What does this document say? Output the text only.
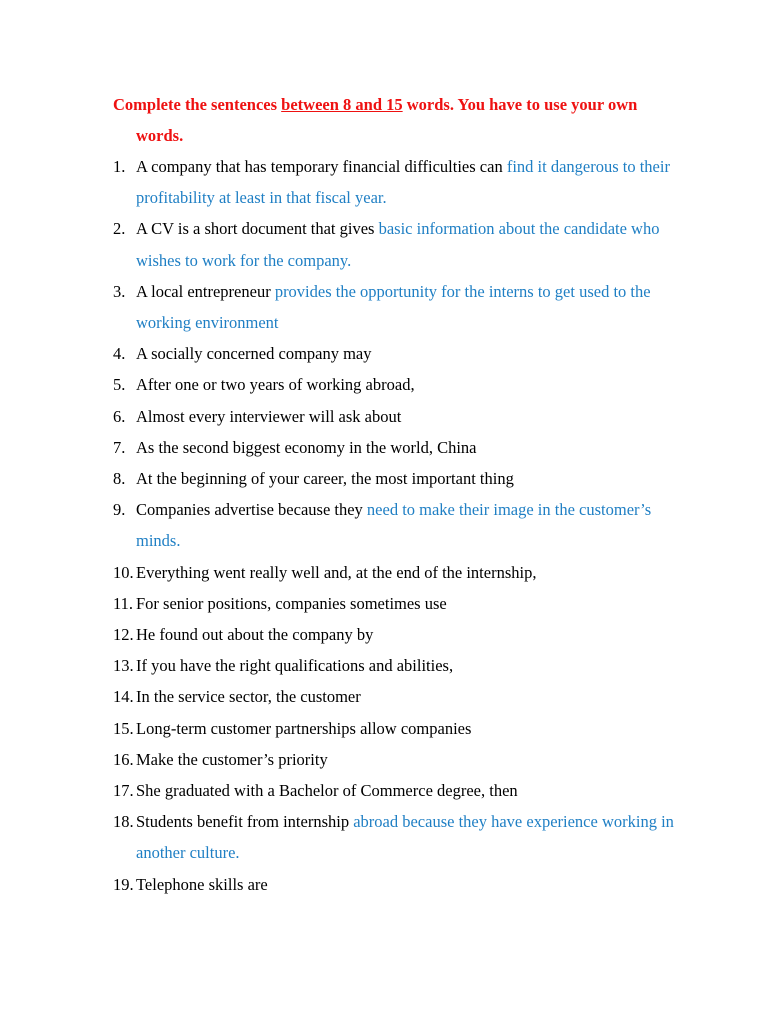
Complete the sentences between 8 and 15 words. You have to use your own words.

1. A company that has temporary financial difficulties can find it dangerous to their profitability at least in that fiscal year.
2. A CV is a short document that gives basic information about the candidate who wishes to work for the company.
3. A local entrepreneur provides the opportunity for the interns to get used to the working environment
4. A socially concerned company may
5. After one or two years of working abroad,
6. Almost every interviewer will ask about
7. As the second biggest economy in the world, China
8. At the beginning of your career, the most important thing
9. Companies advertise because they need to make their image in the customer’s minds.
10. Everything went really well and, at the end of the internship,
11. For senior positions, companies sometimes use
12. He found out about the company by
13. If you have the right qualifications and abilities,
14. In the service sector, the customer
15. Long-term customer partnerships allow companies
16. Make the customer’s priority
17. She graduated with a Bachelor of Commerce degree, then
18. Students benefit from internship abroad because they have experience working in another culture.
19. Telephone skills are
